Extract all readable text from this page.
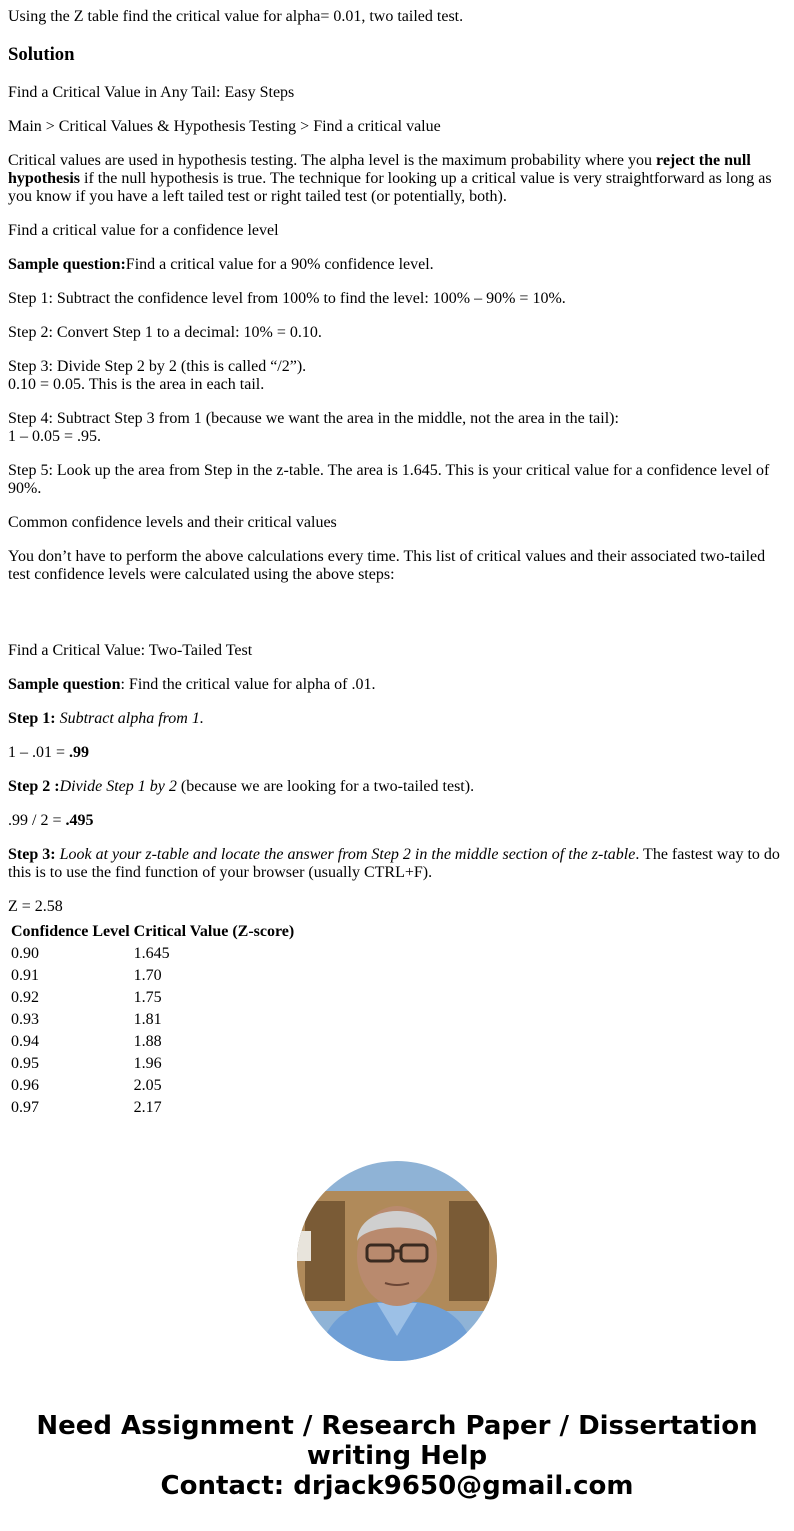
Using the Z table find the critical value for alpha= 0.01, two tailed test.

Solution

Find a Critical Value in Any Tail: Easy Steps

Main > Critical Values & Hypothesis Testing > Find a critical value

Critical values are used in hypothesis testing. The alpha level is the maximum probability where you reject the null hypothesis if the null hypothesis is true. The technique for looking up a critical value is very straightforward as long as you know if you have a left tailed test or right tailed test (or potentially, both).

Find a critical value for a confidence level

Sample question:Find a critical value for a 90% confidence level.

Step 1: Subtract the confidence level from 100% to find the level: 100% – 90% = 10%.

Step 2: Convert Step 1 to a decimal: 10% = 0.10.

Step 3: Divide Step 2 by 2 (this is called “/2”).
0.10 = 0.05. This is the area in each tail.

Step 4: Subtract Step 3 from 1 (because we want the area in the middle, not the area in the tail):
1 – 0.05 = .95.

Step 5: Look up the area from Step in the z-table. The area is 1.645. This is your critical value for a confidence level of 90%.

Common confidence levels and their critical values

You don’t have to perform the above calculations every time. This list of critical values and their associated two-tailed test confidence levels were calculated using the above steps:

Find a Critical Value: Two-Tailed Test

Sample question: Find the critical value for alpha of .01.

Step 1: Subtract alpha from 1.

1 – .01 = .99

Step 2 :Divide Step 1 by 2 (because we are looking for a two-tailed test).

.99 / 2 = .495

Step 3: Look at your z-table and locate the answer from Step 2 in the middle section of the z-table. The fastest way to do this is to use the find function of your browser (usually CTRL+F).

Z = 2.58

Confidence Level	Critical Value (Z-score)
0.90	1.645
0.91	1.70
0.92	1.75
0.93	1.81
0.94	1.88
0.95	1.96
0.96	2.05
0.97	2.17
Need Assignment / Research Paper / Dissertation
writing Help
Contact: drjack9650@gmail.com
